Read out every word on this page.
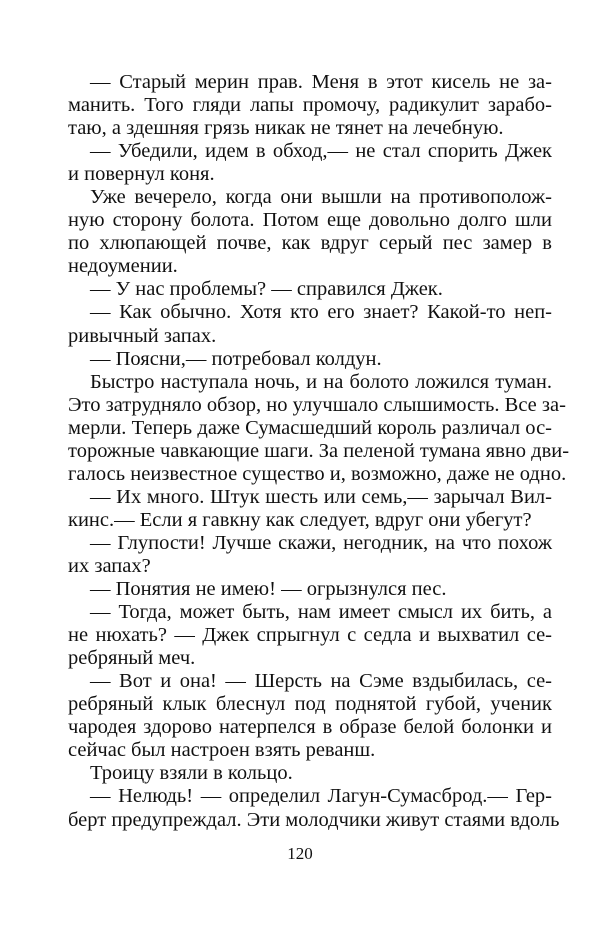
— Старый мерин прав. Меня в этот кисель не за-
манить. Того гляди лапы промочу, радикулит зарабо-
таю, а здешняя грязь никак не тянет на лечебную.
— Убедили, идем в обход,— не стал спорить Джек
и повернул коня.
Уже вечерело, когда они вышли на противополож-
ную сторону болота. Потом еще довольно долго шли
по хлюпающей почве, как вдруг серый пес замер в
недоумении.
— У нас проблемы? — справился Джек.
— Как обычно. Хотя кто его знает? Какой-то неп-
ривычный запах.
— Поясни,— потребовал колдун.
Быстро наступала ночь, и на болото ложился туман.
Это затрудняло обзор, но улучшало слышимость. Все за-
мерли. Теперь даже Сумасшедший король различал ос-
торожные чавкающие шаги. За пеленой тумана явно дви-
галось неизвестное существо и, возможно, даже не одно.
— Их много. Штук шесть или семь,— зарычал Вил-
кинс.— Если я гавкну как следует, вдруг они убегут?
— Глупости! Лучше скажи, негодник, на что похож
их запах?
— Понятия не имею! — огрызнулся пес.
— Тогда, может быть, нам имеет смысл их бить, а
не нюхать? — Джек спрыгнул с седла и выхватил се-
ребряный меч.
— Вот и она! — Шерсть на Сэме вздыбилась, се-
ребряный клык блеснул под поднятой губой, ученик
чародея здорово натерпелся в образе белой болонки и
сейчас был настроен взять реванш.
Троицу взяли в кольцо.
— Нелюдь! — определил Лагун-Сумасброд.— Гер-
берт предупреждал. Эти молодчики живут стаями вдоль
120
